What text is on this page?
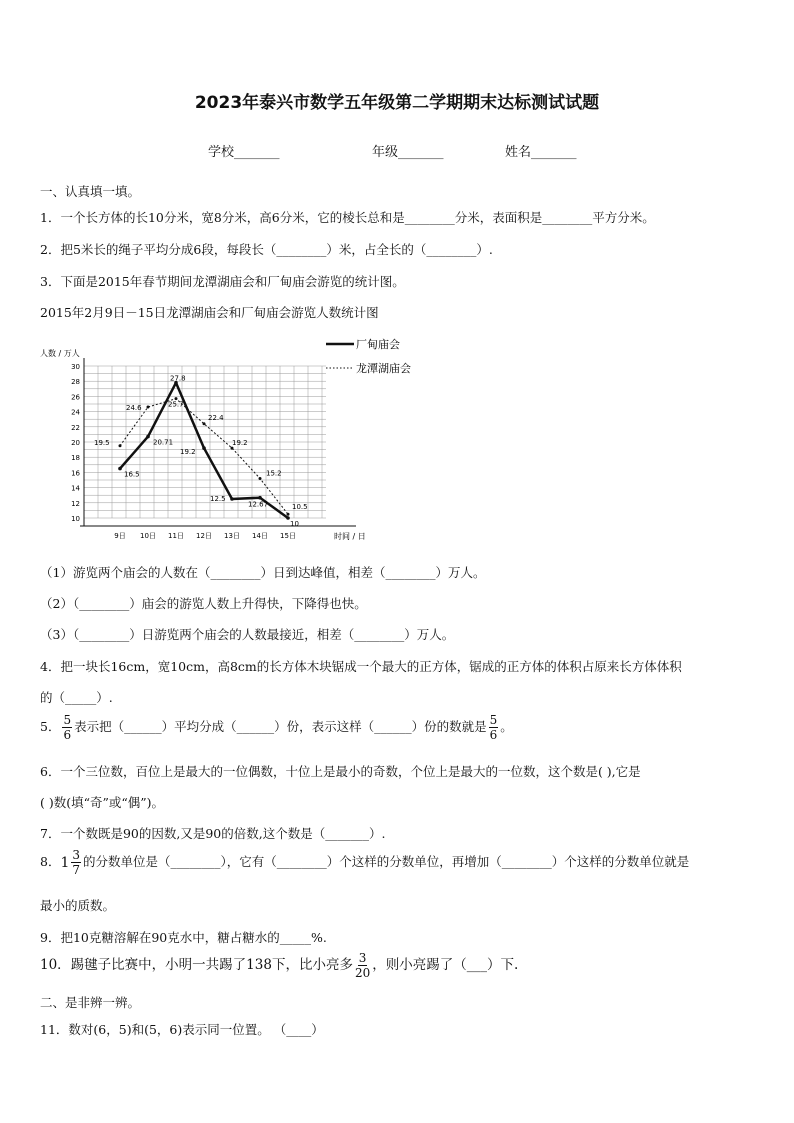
2023年泰兴市数学五年级第二学期期末达标测试试题
学校_______	年级_______	姓名_______
一、认真填一填。
1．一个长方体的长10分米，宽8分米，高6分米，它的棱长总和是________分米，表面积是________平方分米。
2．把5米长的绳子平均分成6段，每段长（________）米，占全长的（________）.
3．下面是2015年春节期间龙潭湖庙会和厂甸庙会游览的统计图。
2015年2月9日－15日龙潭湖庙会和厂甸庙会游览人数统计图
10
12
14
16
18
20
22
24
26
28
30
9日 10日 11日 12日 13日 14日 15日
19.5
16.5
24.6
20.71
27.8
25.7
22.4
19.2
19.2
12.5
12.67
15.2
10.5
10
人数 / 万人
时间 / 日
厂甸庙会
龙潭湖庙会
（1）游览两个庙会的人数在（________）日到达峰值，相差（________）万人。
（2）（________）庙会的游览人数上升得快，下降得也快。
（3）（________）日游览两个庙会的人数最接近，相差（________）万人。
4．把一块长16cm，宽10cm，高8cm的长方体木块锯成一个最大的正方体，锯成的正方体的体积占原来长方体体积
的（_____）.
5． $\frac{5}{6}$ 表示把（______）平均分成（______）份，表示这样（______）份的数就是 $\frac{5}{6}$ 。
6．一个三位数，百位上是最大的一位偶数，十位上是最小的奇数，个位上是最大的一位数，这个数是( ),它是
( )数(填“奇”或“偶”)。
7．一个数既是90的因数,又是90的倍数,这个数是（_______）.
8． $1 \frac{3}{7}$ 的分数单位是（________），它有（________）个这样的分数单位，再增加（________）个这样的分数单位就是
最小的质数。
9．把10克糖溶解在90克水中，糖占糖水的_____%.
10．踢毽子比赛中，小明一共踢了138下，比小亮多 $\frac{3}{20}$ ，则小亮踢了（___）下.
二、是非辨一辨。
11．数对(6，5)和(5，6)表示同一位置。 （____）
